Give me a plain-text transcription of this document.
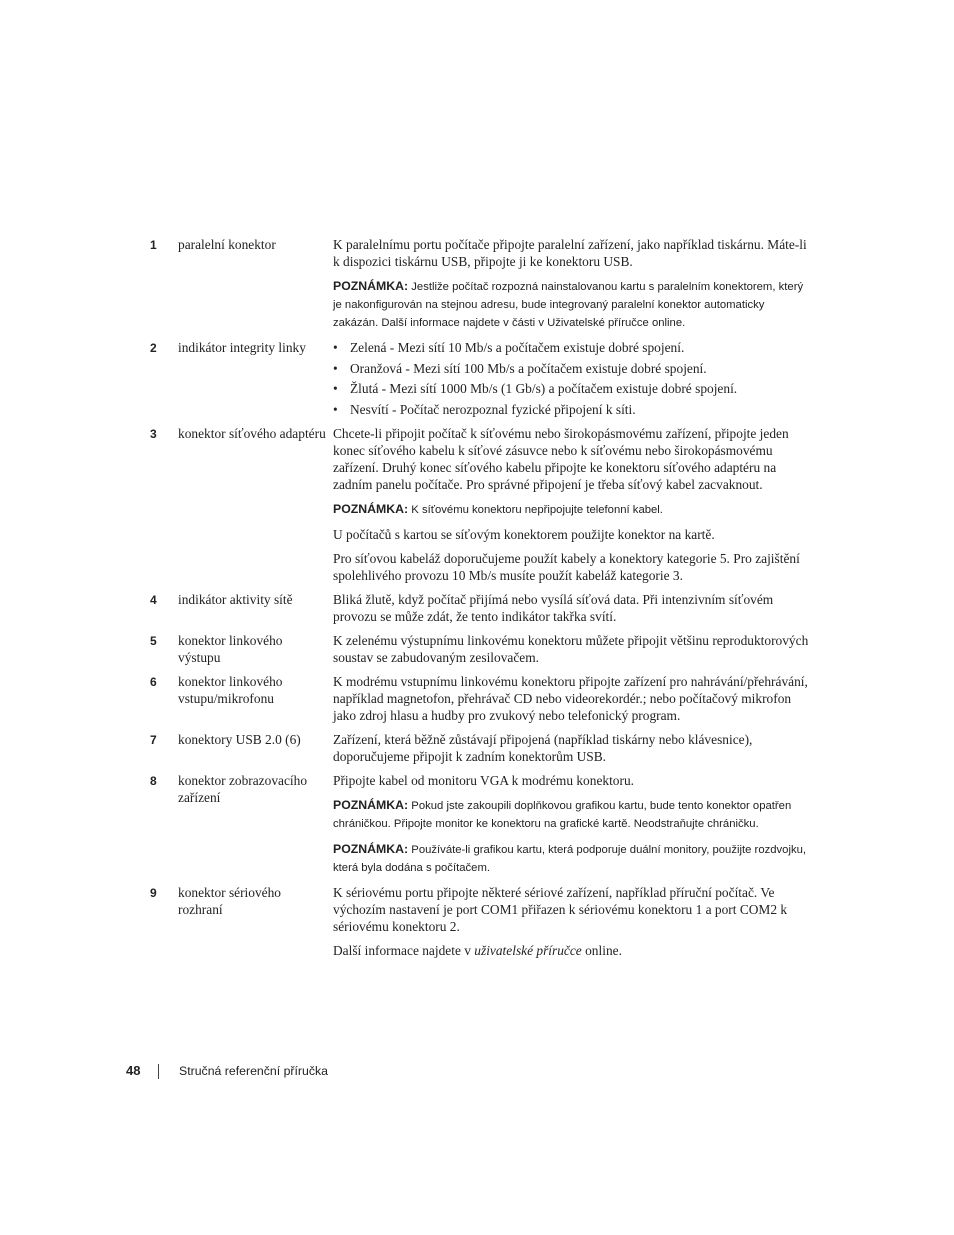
1	paralelní konektor	K paralelnímu portu počítače připojte paralelní zařízení, jako například tiskárnu. Máte-li k dispozici tiskárnu USB, připojte ji ke konektoru USB.
POZNÁMKA: Jestliže počítač rozpozná nainstalovanou kartu s paralelním konektorem, který je nakonfigurován na stejnou adresu, bude integrovaný paralelní konektor automaticky zakázán. Další informace najdete v části v Uživatelské příručce online.
2	indikátor integrity linky
•	Zelená - Mezi sítí 10 Mb/s a počítačem existuje dobré spojení.
• Oranžová - Mezi sítí 100 Mb/s a počítačem existuje dobré spojení.
• Žlutá - Mezi sítí 1000 Mb/s (1 Gb/s) a počítačem existuje dobré spojení.
• Nesvítí - Počítač nerozpoznal fyzické připojení k síti.
3	konektor síťového adaptéru Chcete-li připojit počítač k síťovému nebo širokopásmovému zařízení, připojte jeden konec síťového kabelu k síťové zásuvce nebo k síťovému nebo širokopásmovému zařízení. Druhý konec síťového kabelu připojte ke konektoru síťového adaptéru na zadním panelu počítače. Pro správné připojení je třeba síťový kabel zacvaknout.
POZNÁMKA: K síťovému konektoru nepřipojujte telefonní kabel.
U počítačů s kartou se síťovým konektorem použijte konektor na kartě.
Pro síťovou kabeláž doporučujeme použít kabely a konektory kategorie 5. Pro zajištění spolehlivého provozu 10 Mb/s musíte použít kabeláž kategorie 3.
4	indikátor aktivity sítě	Bliká žlutě, když počítač přijímá nebo vysílá síťová data. Při intenzivním síťovém provozu se může zdát, že tento indikátor takřka svítí.
5	konektor linkového výstupu
K zelenému výstupnímu linkovému konektoru můžete připojit většinu reproduktorových soustav se zabudovaným zesilovačem.
6	konektor linkového vstupu/mikrofonu
K modrému vstupnímu linkovému konektoru připojte zařízení pro nahrávání/přehrávání, například magnetofon, přehrávač CD nebo videorekordér.; nebo počítačový mikrofon jako zdroj hlasu a hudby pro zvukový nebo telefonický program.
7	konektory USB 2.0 (6)	Zařízení, která běžně zůstávají připojená (například tiskárny nebo klávesnice), doporučujeme připojit k zadním konektorům USB.
8	konektor zobrazovacího zařízení
Připojte kabel od monitoru VGA k modrému konektoru.
POZNÁMKA: Pokud jste zakoupili doplňkovou grafikou kartu, bude tento konektor opatřen chráničkou. Připojte monitor ke konektoru na grafické kartě. Neodstraňujte chráničku.
POZNÁMKA: Používáte-li grafikou kartu, která podporuje duální monitory, použijte rozdvojku, která byla dodána s počítačem.
9	konektor sériového rozhraní
K sériovému portu připojte některé sériové zařízení, například příruční počítač. Ve výchozím nastavení je port COM1 přiřazen k sériovému konektoru 1 a port COM2 k sériovému konektoru 2.
Další informace najdete v uživatelské příručce online.
48	Stručná referenční příručka
